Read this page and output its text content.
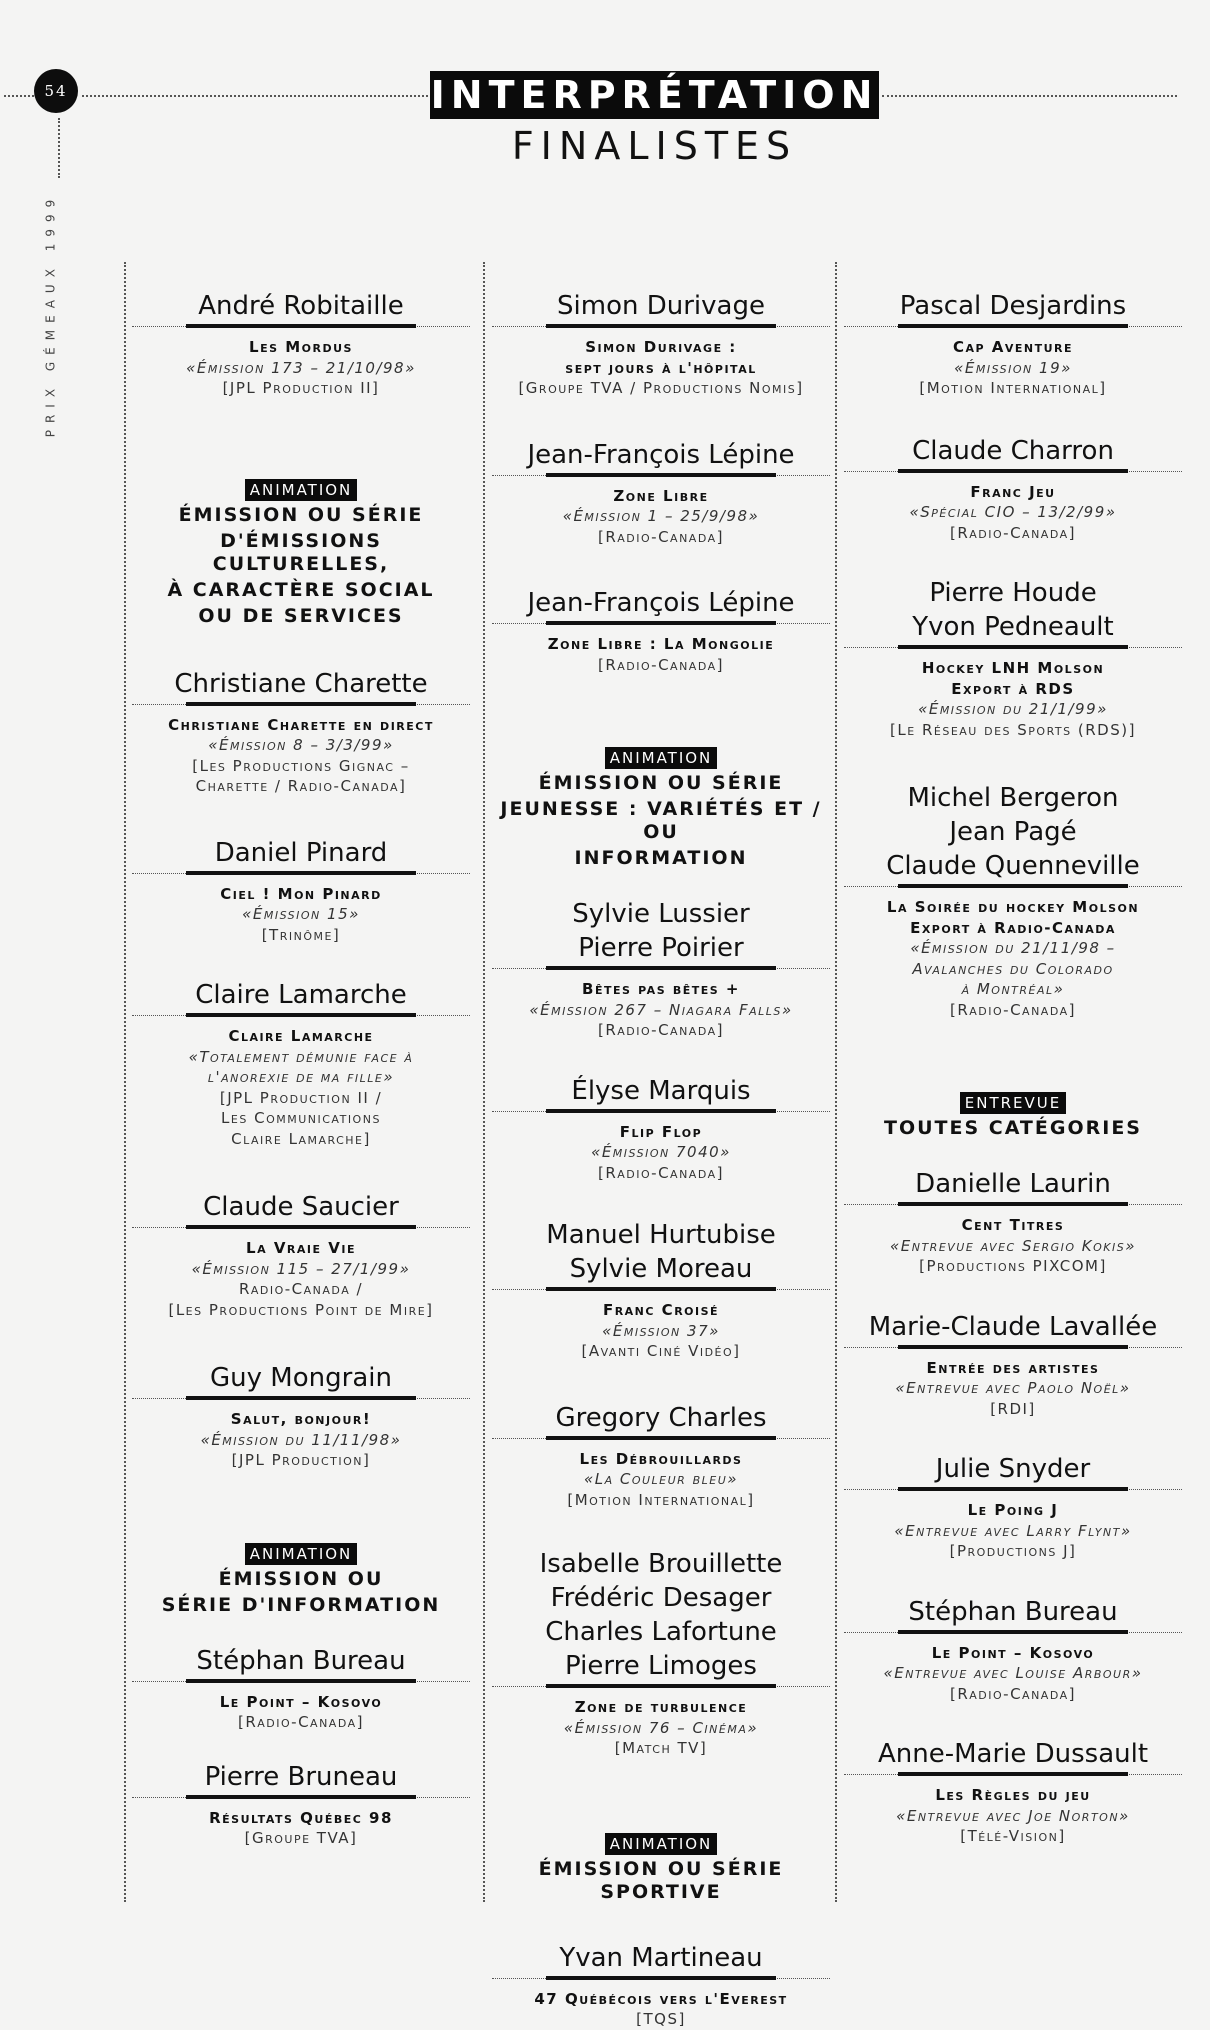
54
PRIX GÉMEAUX 1999
INTERPRÉTATION
FINALISTES
André Robitaille
Les Mordus
«Émission 173 – 21/10/98»
[JPL Production II]
ANIMATION
ÉMISSION OU SÉRIE
D'ÉMISSIONS CULTURELLES,
À CARACTÈRE SOCIAL
OU DE SERVICES
Christiane Charette
Christiane Charette en direct
«Émission 8 – 3/3/99»
[Les Productions Gignac –
Charette / Radio-Canada]
Daniel Pinard
Ciel ! Mon Pinard
«Émission 15»
[Trinôme]
Claire Lamarche
Claire Lamarche
«Totalement démunie face à
l'anorexie de ma fille»
[JPL Production II /
Les Communications
Claire Lamarche]
Claude Saucier
La Vraie Vie
«Émission 115 – 27/1/99»
Radio-Canada /
[Les Productions Point de Mire]
Guy Mongrain
Salut, bonjour!
«Émission du 11/11/98»
[JPL Production]
ANIMATION
ÉMISSION OU
SÉRIE D'INFORMATION
Stéphan Bureau
Le Point – Kosovo
[Radio-Canada]
Pierre Bruneau
Résultats Québec 98
[Groupe TVA]
Simon Durivage
Simon Durivage :
sept jours à l'hôpital
[Groupe TVA / Productions Nomis]
Jean-François Lépine
Zone Libre
«Émission 1 – 25/9/98»
[Radio-Canada]
Jean-François Lépine
Zone Libre : La Mongolie
[Radio-Canada]
ANIMATION
ÉMISSION OU SÉRIE
JEUNESSE : VARIÉTÉS ET / OU
INFORMATION
Sylvie Lussier
Pierre Poirier
Bêtes pas bêtes +
«Émission 267 – Niagara Falls»
[Radio-Canada]
Élyse Marquis
Flip Flop
«Émission 7040»
[Radio-Canada]
Manuel Hurtubise
Sylvie Moreau
Franc Croisé
«Émission 37»
[Avanti Ciné Vidéo]
Gregory Charles
Les Débrouillards
«La Couleur bleu»
[Motion International]
Isabelle Brouillette
Frédéric Desager
Charles Lafortune
Pierre Limoges
Zone de turbulence
«Émission 76 – Cinéma»
[Match TV]
ANIMATION
ÉMISSION OU SÉRIE SPORTIVE
Yvan Martineau
47 Québécois vers l'Everest
[TQS]
Pascal Desjardins
Cap Aventure
«Émission 19»
[Motion International]
Claude Charron
Franc Jeu
«Spécial CIO – 13/2/99»
[Radio-Canada]
Pierre Houde
Yvon Pedneault
Hockey LNH Molson
Export à RDS
«Émission du 21/1/99»
[Le Réseau des Sports (RDS)]
Michel Bergeron
Jean Pagé
Claude Quenneville
La Soirée du hockey Molson
Export à Radio-Canada
«Émission du 21/11/98 –
Avalanches du Colorado
à Montréal»
[Radio-Canada]
ENTREVUE
TOUTES CATÉGORIES
Danielle Laurin
Cent Titres
«Entrevue avec Sergio Kokis»
[Productions PIXCOM]
Marie-Claude Lavallée
Entrée des artistes
«Entrevue avec Paolo Noël»
[RDI]
Julie Snyder
Le Poing J
«Entrevue avec Larry Flynt»
[Productions J]
Stéphan Bureau
Le Point – Kosovo
«Entrevue avec Louise Arbour»
[Radio-Canada]
Anne-Marie Dussault
Les Règles du jeu
«Entrevue avec Joe Norton»
[Télé-Vision]
